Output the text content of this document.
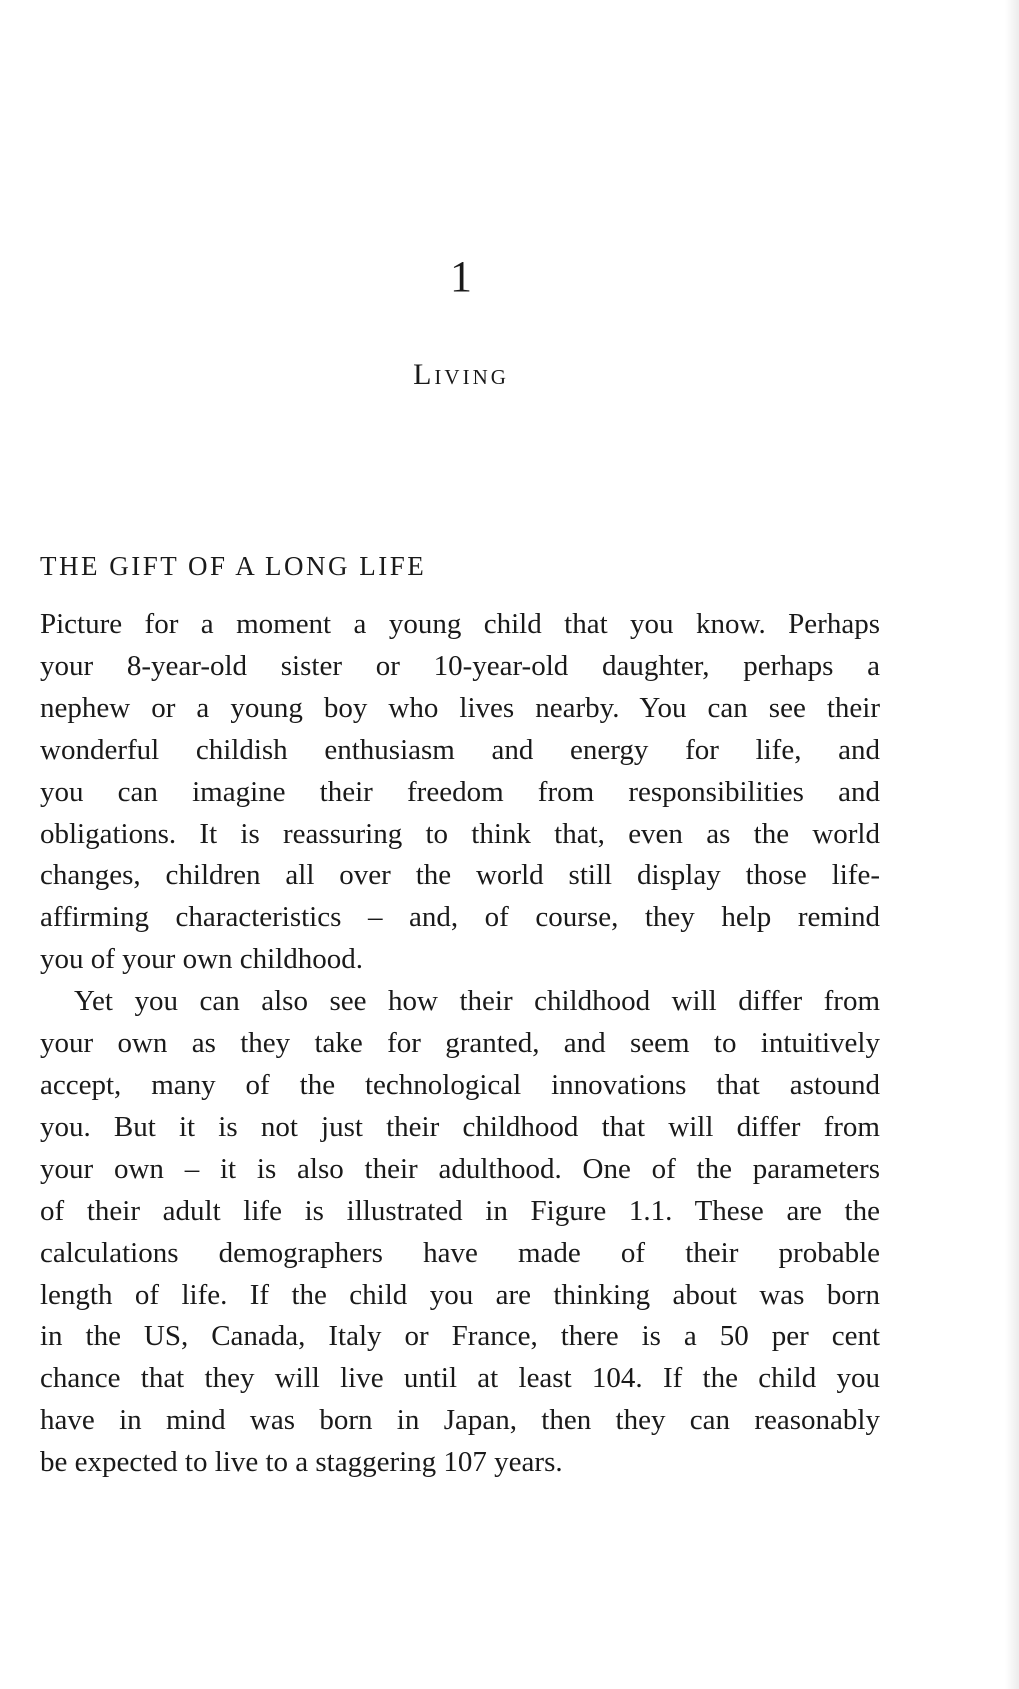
1
Living
THE GIFT OF A LONG LIFE

Picture for a moment a young child that you know. Perhaps
your 8-year-old sister or 10-year-old daughter, perhaps a
nephew or a young boy who lives nearby. You can see their
wonderful childish enthusiasm and energy for life, and
you can imagine their freedom from responsibilities and
obligations. It is reassuring to think that, even as the world
changes, children all over the world still display those life-
affirming characteristics – and, of course, they help remind
you of your own childhood.

Yet you can also see how their childhood will differ from
your own as they take for granted, and seem to intuitively
accept, many of the technological innovations that astound
you. But it is not just their childhood that will differ from
your own – it is also their adulthood. One of the parameters
of their adult life is illustrated in Figure 1.1. These are the
calculations demographers have made of their probable
length of life. If the child you are thinking about was born
in the US, Canada, Italy or France, there is a 50 per cent
chance that they will live until at least 104. If the child you
have in mind was born in Japan, then they can reasonably
be expected to live to a staggering 107 years.
